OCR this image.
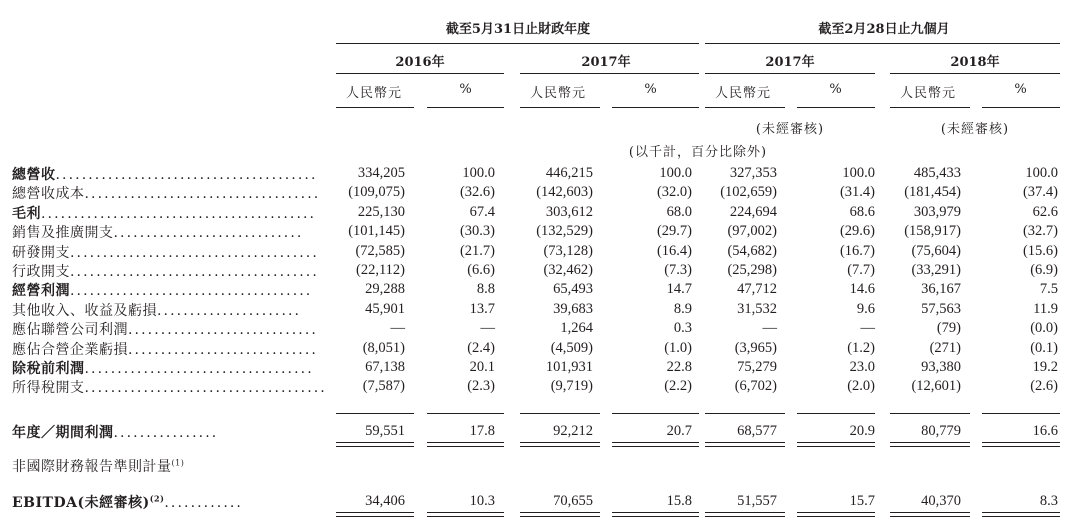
截至5月31日止財政年度	截至2月28日止九個月
2016年	2017年	2017年	2018年
人民幣元	%	人民幣元	%	人民幣元	%	人民幣元	%
(未經審核)	(未經審核)
(以千計，百分比除外)
總營收........................................	334,205	100.0	446,215	100.0	327,353	100.0	485,433	100.0
總營收成本.................................... (109,075)	(32.6)	(142,603)	(32.0) (102,659)	(31.4) (181,454)	(37.4)
毛利..........................................	225,130	67.4	303,612	68.0	224,694	68.6	303,979	62.6
銷售及推廣開支.............................	(101,145)	(30.3)	(132,529)	(29.7) (97,002)	(29.6) (158,917)	(32.7)
研發開支......................................	(72,585)	(21.7)	(73,128)	(16.4) (54,682)	(16.7)	(75,604)	(15.6)
行政開支......................................	(22,112)	(6.6)	(32,462)	(7.3) (25,298)	(7.7)	(33,291)	(6.9)
經營利潤.....................................	29,288	8.8	65,493	14.7	47,712	14.6	36,167	7.5
其他收入、收益及虧損......................	45,901	13.7	39,683	8.9	31,532	9.6	57,563	11.9
應佔聯營公司利潤.............................	—	—	1,264	0.3	—	—	(79)	(0.0)
應佔合營企業虧損.............................	(8,051)	(2.4)	(4,509)	(1.0)	(3,965)	(1.2)	(271)	(0.1)
除稅前利潤...................................	67,138	20.1	101,931	22.8	75,279	23.0	93,380	19.2
所得稅開支..................................... (7,587)	(2.3)	(9,719)	(2.2)	(6,702)	(2.0)	(12,601)	(2.6)
年度／期間利潤................	59,551	17.8	92,212	20.7	68,577	20.9	80,779	16.6
EBITDA(未經審核)$^{(2)}$............	34,406	10.3	70,655	15.8	51,557	15.7	40,370	8.3
非國際財務報告準則計量$^{(1)}$
